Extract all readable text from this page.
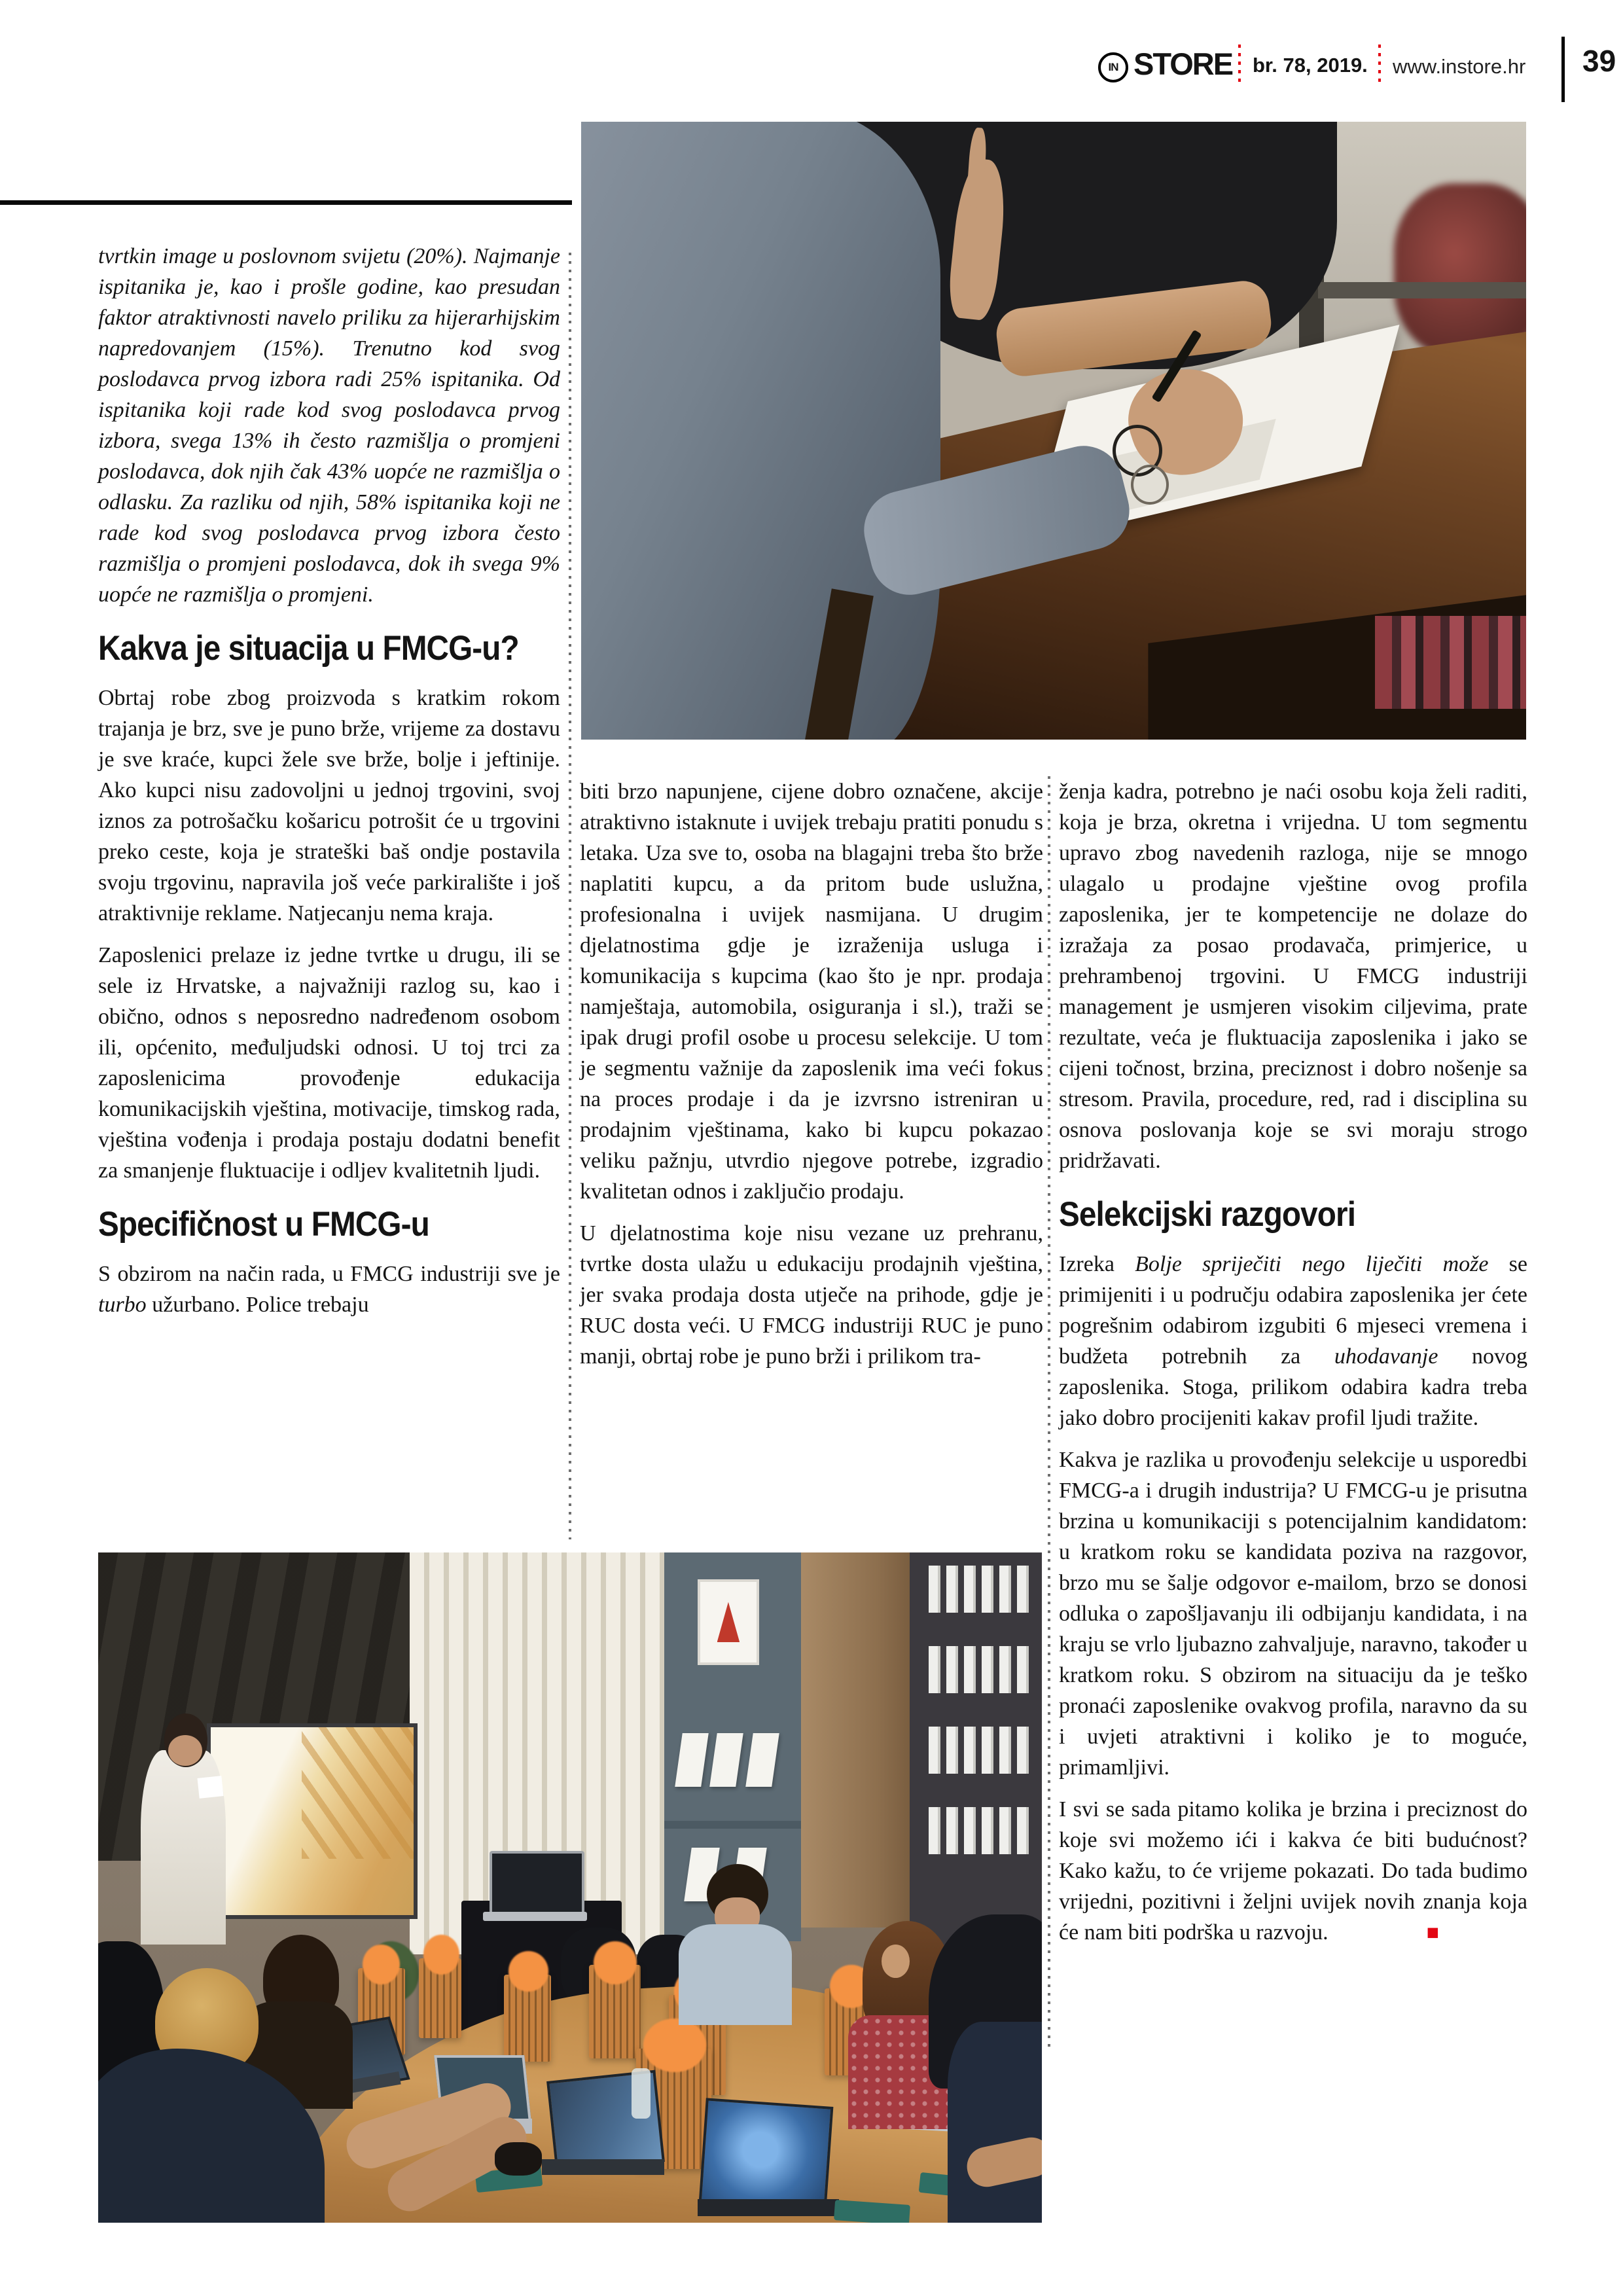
IN STORE br. 78, 2019. www.instore.hr 39

tvrtkin image u poslovnom svijetu (20%). Najmanje ispitanika je, kao i prošle godine, kao presudan faktor atraktivnosti navelo priliku za hijerarhijskim napredovanjem (15%). Trenutno kod svog poslodavca prvog izbora radi 25% ispitanika. Od ispitanika koji rade kod svog poslodavca prvog izbora, svega 13% ih često razmišlja o promjeni poslodavca, dok njih čak 43% uopće ne razmišlja o odlasku. Za razliku od njih, 58% ispitanika koji ne rade kod svog poslodavca prvog izbora često razmišlja o promjeni poslodavca, dok ih svega 9% uopće ne razmišlja o promjeni.

Kakva je situacija u FMCG-u?

Obrtaj robe zbog proizvoda s kratkim rokom trajanja je brz, sve je puno brže, vrijeme za dostavu je sve kraće, kupci žele sve brže, bolje i jeftinije. Ako kupci nisu zadovoljni u jednoj trgovini, svoj iznos za potrošačku košaricu potrošit će u trgovini preko ceste, koja je strateški baš ondje postavila svoju trgovinu, napravila još veće parkiralište i još atraktivnije reklame. Natjecanju nema kraja.

Zaposlenici prelaze iz jedne tvrtke u drugu, ili se sele iz Hrvatske, a najvažniji razlog su, kao i obično, odnos s neposredno nadređenom osobom ili, općenito, međuljudski odnosi. U toj trci za zaposlenicima provođenje edukacija komunikacijskih vještina, motivacije, timskog rada, vještina vođenja i prodaja postaju dodatni benefit za smanjenje fluktuacije i odljev kvalitetnih ljudi.

Specifičnost u FMCG-u

S obzirom na način rada, u FMCG industriji sve je turbo užurbano. Police trebaju

biti brzo napunjene, cijene dobro označene, akcije atraktivno istaknute i uvijek trebaju pratiti ponudu s letaka. Uza sve to, osoba na blagajni treba što brže naplatiti kupcu, a da pritom bude uslužna, profesionalna i uvijek nasmijana. U drugim djelatnostima gdje je izraženija usluga i komunikacija s kupcima (kao što je npr. prodaja namještaja, automobila, osiguranja i sl.), traži se ipak drugi profil osobe u procesu selekcije. U tom je segmentu važnije da zaposlenik ima veći fokus na proces prodaje i da je izvrsno istreniran u prodajnim vještinama, kako bi kupcu pokazao veliku pažnju, utvrdio njegove potrebe, izgradio kvalitetan odnos i zaključio prodaju.

U djelatnostima koje nisu vezane uz prehranu, tvrtke dosta ulažu u edukaciju prodajnih vještina, jer svaka prodaja dosta utječe na prihode, gdje je RUC dosta veći. U FMCG industriji RUC je puno manji, obrtaj robe je puno brži i prilikom tra-

ženja kadra, potrebno je naći osobu koja želi raditi, koja je brza, okretna i vrijedna. U tom segmentu upravo zbog navedenih razloga, nije se mnogo ulagalo u prodajne vještine ovog profila zaposlenika, jer te kompetencije ne dolaze do izražaja za posao prodavača, primjerice, u prehrambenoj trgovini. U FMCG industriji management je usmjeren visokim ciljevima, prate rezultate, veća je fluktuacija zaposlenika i jako se cijeni točnost, brzina, preciznost i dobro nošenje sa stresom. Pravila, procedure, red, rad i disciplina su osnova poslovanja koje se svi moraju strogo pridržavati.

Selekcijski razgovori

Izreka Bolje spriječiti nego liječiti može se primijeniti i u području odabira zaposlenika jer ćete pogrešnim odabirom izgubiti 6 mjeseci vremena i budžeta potrebnih za uhodavanje novog zaposlenika. Stoga, prilikom odabira kadra treba jako dobro procijeniti kakav profil ljudi tražite.

Kakva je razlika u provođenju selekcije u usporedbi FMCG-a i drugih industrija? U FMCG-u je prisutna brzina u komunikaciji s potencijalnim kandidatom: u kratkom roku se kandidata poziva na razgovor, brzo mu se šalje odgovor e-mailom, brzo se donosi odluka o zapošljavanju ili odbijanju kandidata, i na kraju se vrlo ljubazno zahvaljuje, naravno, također u kratkom roku. S obzirom na situaciju da je teško pronaći zaposlenike ovakvog profila, naravno da su i uvjeti atraktivni i koliko je to moguće, primamljivi.

I svi se sada pitamo kolika je brzina i preciznost do koje svi možemo ići i kakva će biti budućnost? Kako kažu, to će vrijeme pokazati. Do tada budimo vrijedni, pozitivni i željni uvijek novih znanja koja će nam biti podrška u razvoju.	■
